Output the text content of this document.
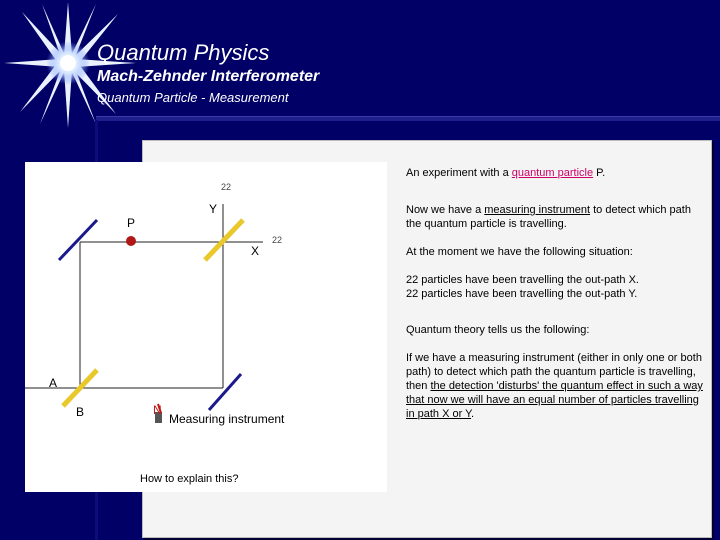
Quantum Physics
Mach-Zehnder Interferometer
Quantum Particle - Measurement
Y
P
X
A
B	N
22
22
Measuring instrument
How to explain this?

An experiment with a quantum particle P.

Now we have a measuring instrument to detect which path the quantum particle is travelling.

At the moment we have the following situation:

22 particles have been travelling the out-path X.

22 particles have been travelling the out-path Y.

Quantum theory tells us the following:

If we have a measuring instrument (either in only one or both path) to detect which path the quantum particle is travelling, then the detection 'disturbs' the quantum effect in such a way that now we will have an equal number of particles travelling in path X or Y.
